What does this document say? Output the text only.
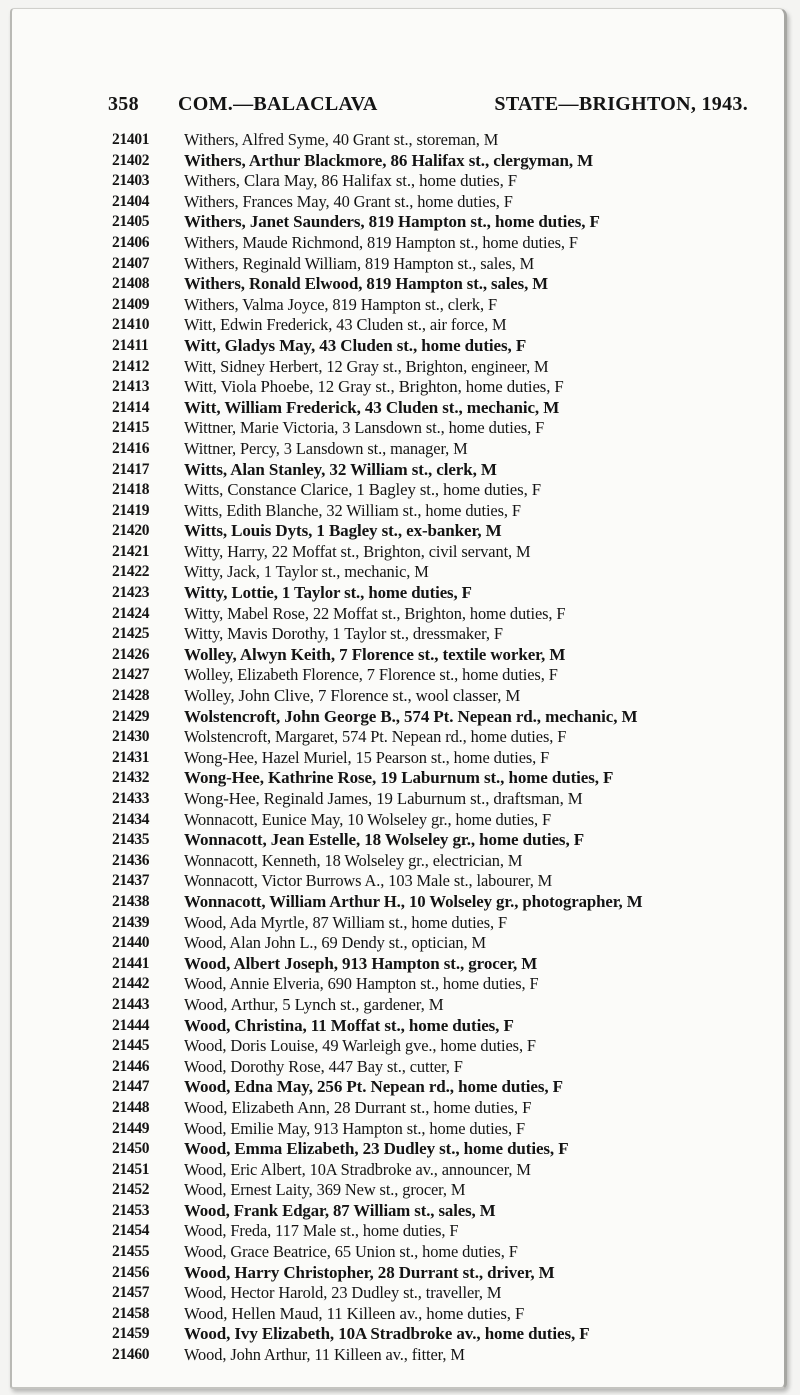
358 COM.—BALACLAVA	STATE—BRIGHTON, 1943.
21401	Withers, Alfred Syme, 40 Grant st., storeman, M
21402	Withers, Arthur Blackmore, 86 Halifax st., clergyman, M
21403	Withers, Clara May, 86 Halifax st., home duties, F
21404	Withers, Frances May, 40 Grant st., home duties, F
21405	Withers, Janet Saunders, 819 Hampton st., home duties, F
21406	Withers, Maude Richmond, 819 Hampton st., home duties, F
21407	Withers, Reginald William, 819 Hampton st., sales, M
21408	Withers, Ronald Elwood, 819 Hampton st., sales, M
21409	Withers, Valma Joyce, 819 Hampton st., clerk, F
21410	Witt, Edwin Frederick, 43 Cluden st., air force, M
21411	Witt, Gladys May, 43 Cluden st., home duties, F
21412	Witt, Sidney Herbert, 12 Gray st., Brighton, engineer, M
21413	Witt, Viola Phoebe, 12 Gray st., Brighton, home duties, F
21414	Witt, William Frederick, 43 Cluden st., mechanic, M
21415	Wittner, Marie Victoria, 3 Lansdown st., home duties, F
21416	Wittner, Percy, 3 Lansdown st., manager, M
21417	Witts, Alan Stanley, 32 William st., clerk, M
21418	Witts, Constance Clarice, 1 Bagley st., home duties, F
21419	Witts, Edith Blanche, 32 William st., home duties, F
21420	Witts, Louis Dyts, 1 Bagley st., ex-banker, M
21421	Witty, Harry, 22 Moffat st., Brighton, civil servant, M
21422	Witty, Jack, 1 Taylor st., mechanic, M
21423	Witty, Lottie, 1 Taylor st., home duties, F
21424	Witty, Mabel Rose, 22 Moffat st., Brighton, home duties, F
21425	Witty, Mavis Dorothy, 1 Taylor st., dressmaker, F
21426	Wolley, Alwyn Keith, 7 Florence st., textile worker, M
21427	Wolley, Elizabeth Florence, 7 Florence st., home duties, F
21428	Wolley, John Clive, 7 Florence st., wool classer, M
21429	Wolstencroft, John George B., 574 Pt. Nepean rd., mechanic, M
21430	Wolstencroft, Margaret, 574 Pt. Nepean rd., home duties, F
21431	Wong-Hee, Hazel Muriel, 15 Pearson st., home duties, F
21432	Wong-Hee, Kathrine Rose, 19 Laburnum st., home duties, F
21433	Wong-Hee, Reginald James, 19 Laburnum st., draftsman, M
21434	Wonnacott, Eunice May, 10 Wolseley gr., home duties, F
21435	Wonnacott, Jean Estelle, 18 Wolseley gr., home duties, F
21436	Wonnacott, Kenneth, 18 Wolseley gr., electrician, M
21437	Wonnacott, Victor Burrows A., 103 Male st., labourer, M
21438	Wonnacott, William Arthur H., 10 Wolseley gr., photographer, M
21439	Wood, Ada Myrtle, 87 William st., home duties, F
21440	Wood, Alan John L., 69 Dendy st., optician, M
21441	Wood, Albert Joseph, 913 Hampton st., grocer, M
21442	Wood, Annie Elveria, 690 Hampton st., home duties, F
21443	Wood, Arthur, 5 Lynch st., gardener, M
21444	Wood, Christina, 11 Moffat st., home duties, F
21445	Wood, Doris Louise, 49 Warleigh gve., home duties, F
21446	Wood, Dorothy Rose, 447 Bay st., cutter, F
21447	Wood, Edna May, 256 Pt. Nepean rd., home duties, F
21448	Wood, Elizabeth Ann, 28 Durrant st., home duties, F
21449	Wood, Emilie May, 913 Hampton st., home duties, F
21450	Wood, Emma Elizabeth, 23 Dudley st., home duties, F
21451	Wood, Eric Albert, 10A Stradbroke av., announcer, M
21452	Wood, Ernest Laity, 369 New st., grocer, M
21453	Wood, Frank Edgar, 87 William st., sales, M
21454	Wood, Freda, 117 Male st., home duties, F
21455	Wood, Grace Beatrice, 65 Union st., home duties, F
21456	Wood, Harry Christopher, 28 Durrant st., driver, M
21457	Wood, Hector Harold, 23 Dudley st., traveller, M
21458	Wood, Hellen Maud, 11 Killeen av., home duties, F
21459	Wood, Ivy Elizabeth, 10A Stradbroke av., home duties, F
21460	Wood, John Arthur, 11 Killeen av., fitter, M
